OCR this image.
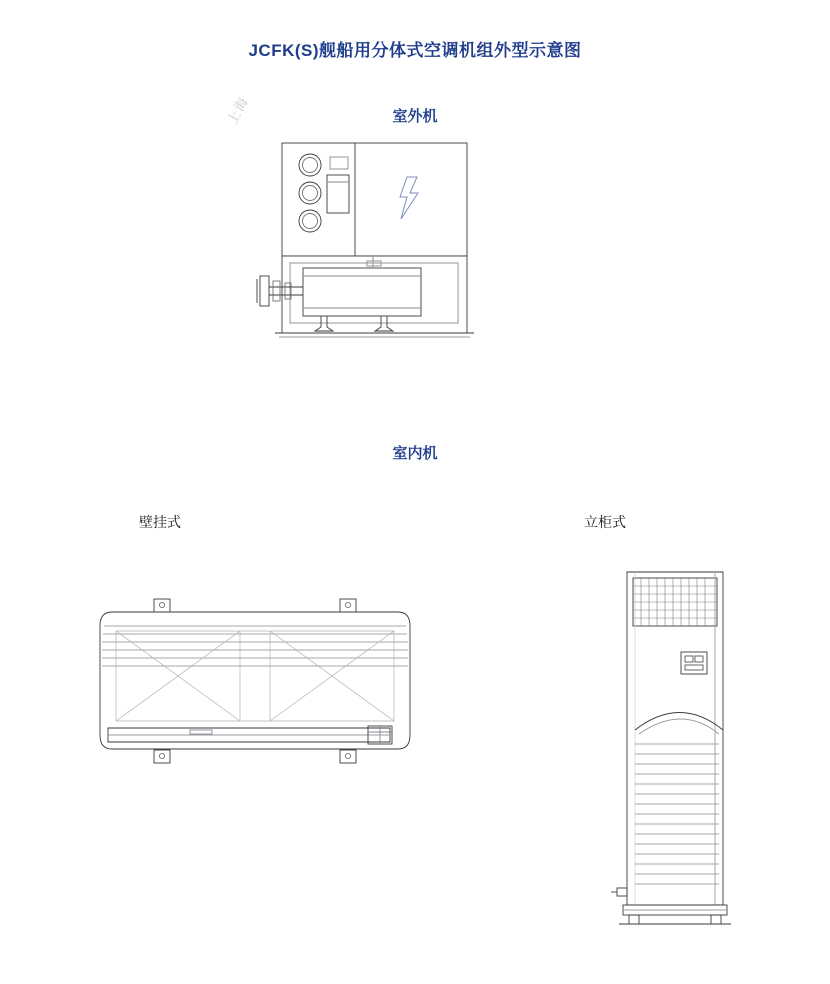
JCFK(S)舰船用分体式空调机组外型示意图
上海	室外机
室内机
壁挂式	立柜式
